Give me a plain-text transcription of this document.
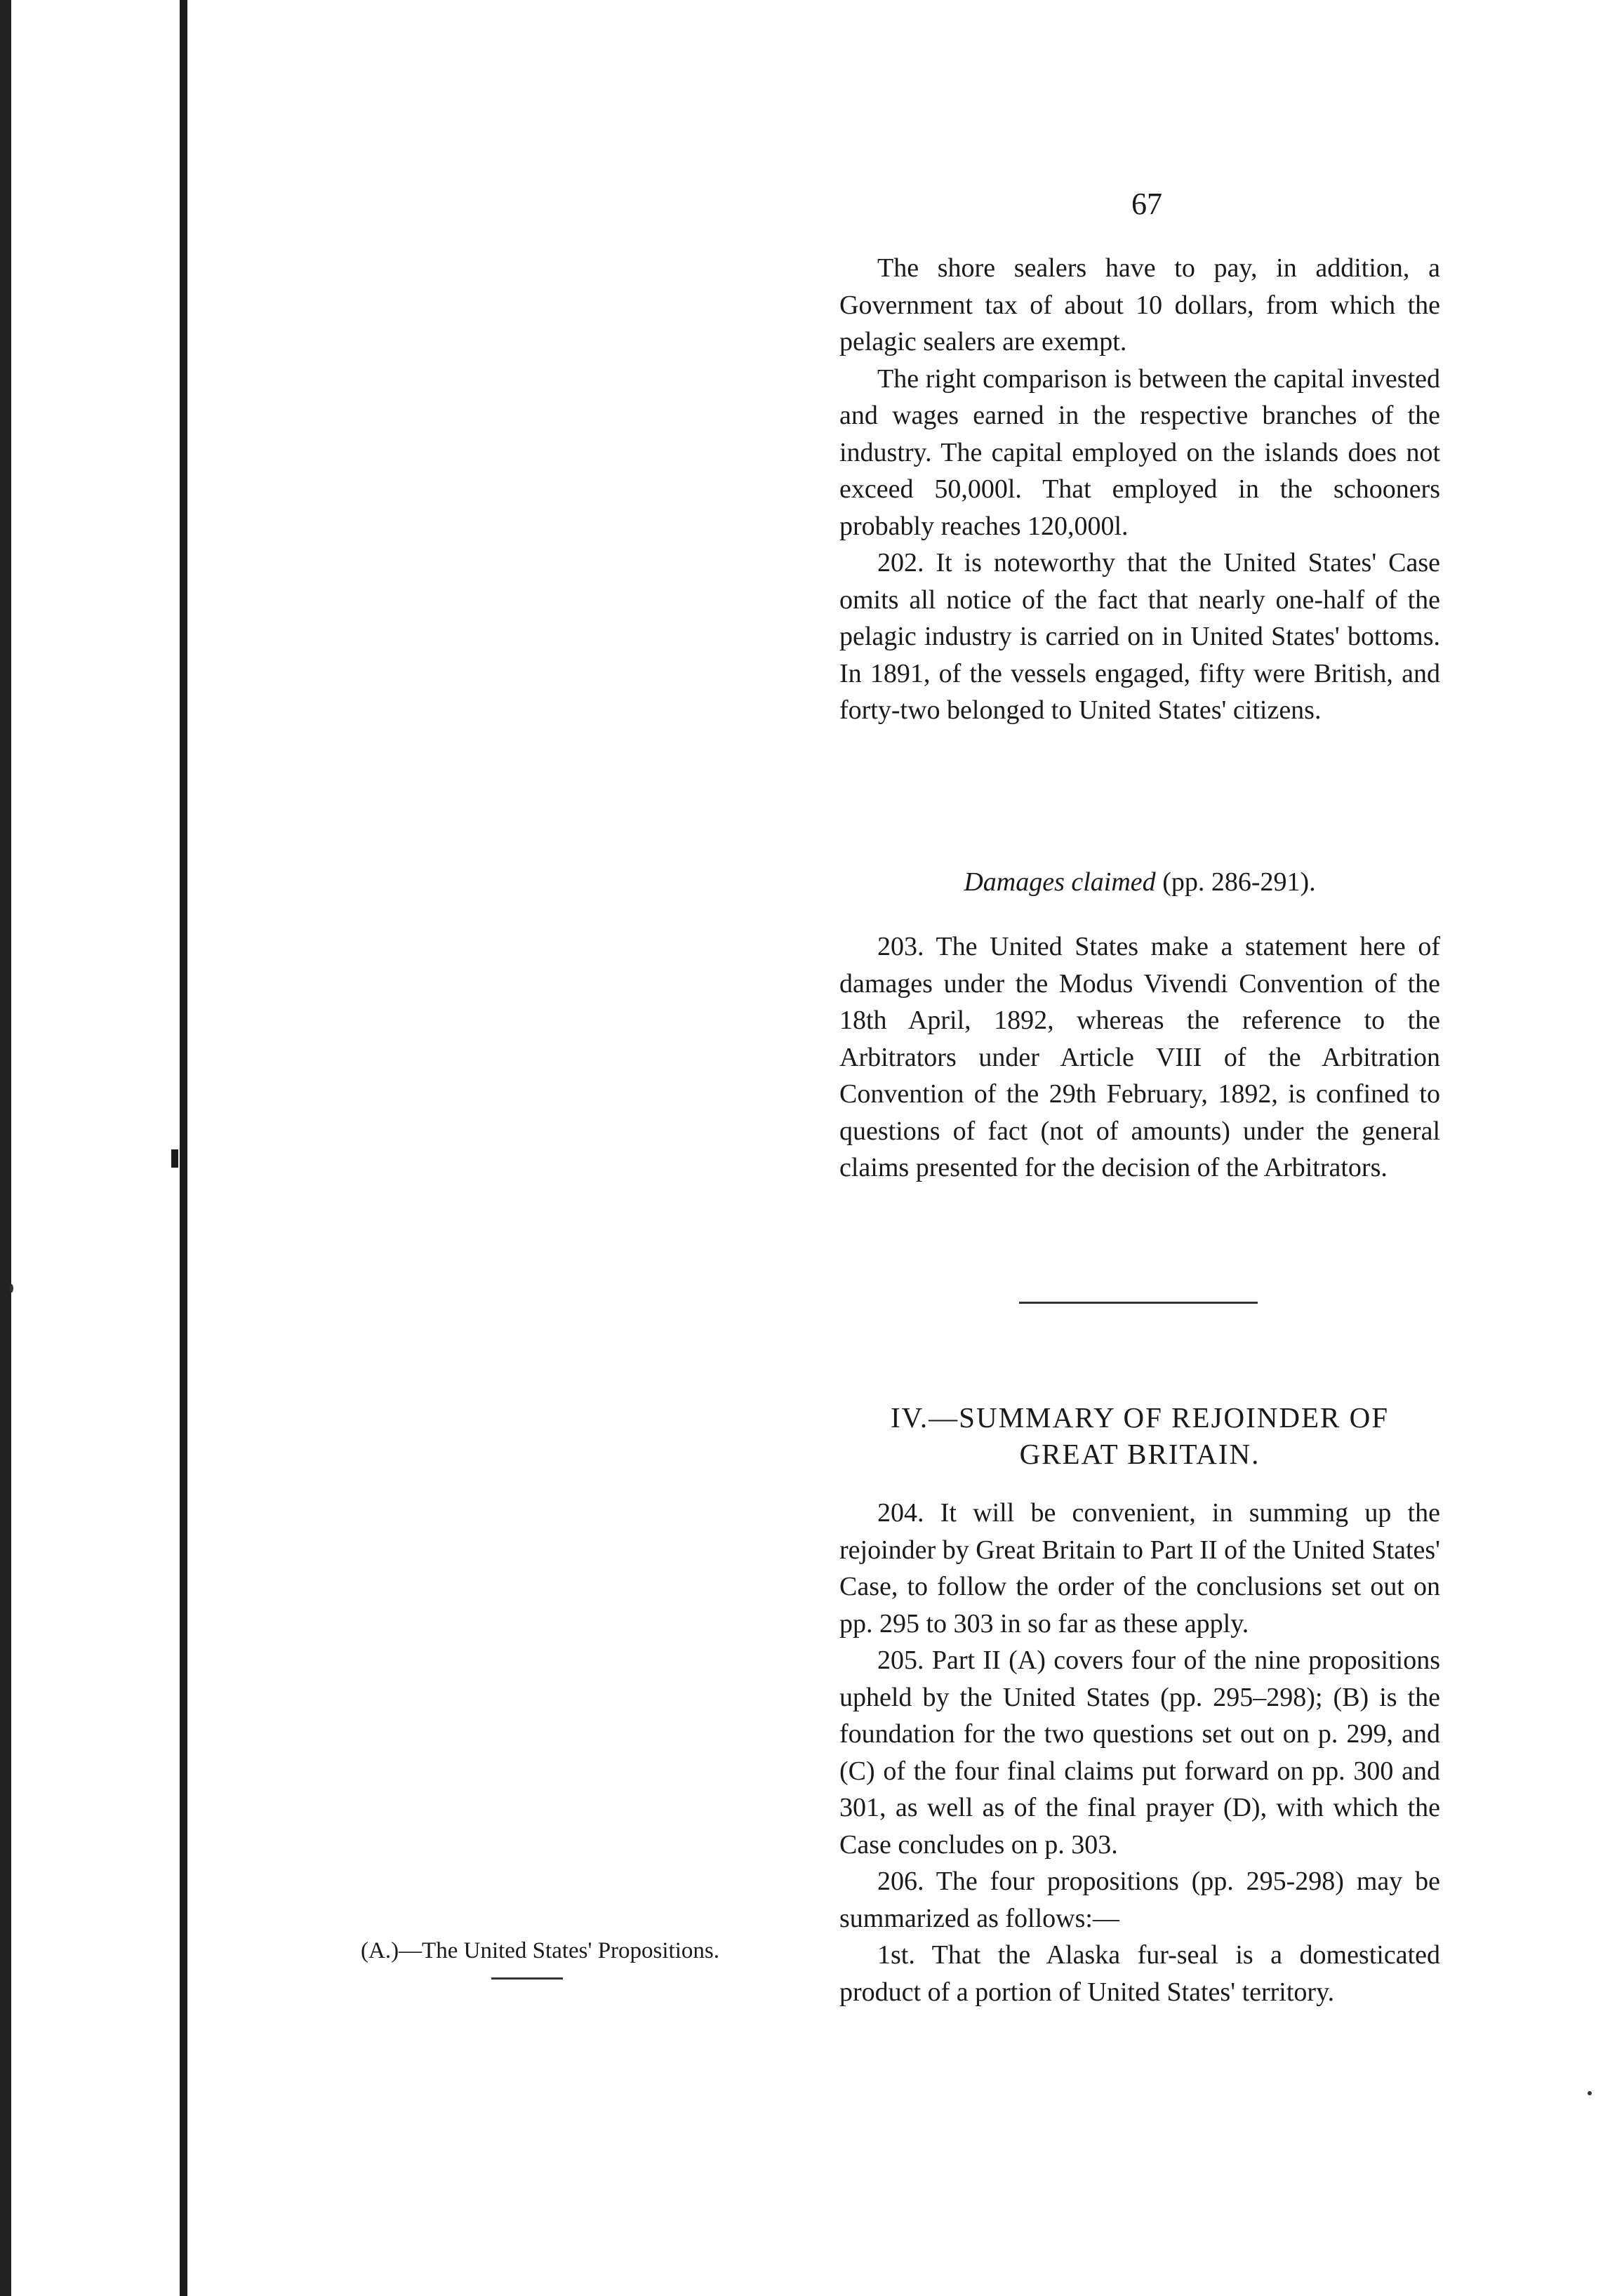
67

The shore sealers have to pay, in addition, a Government tax of about 10 dollars, from which the pelagic sealers are exempt.

The right comparison is between the capital invested and wages earned in the respective branches of the industry. The capital employed on the islands does not exceed 50,000l. That employed in the schooners probably reaches 120,000l.

202. It is noteworthy that the United States' Case omits all notice of the fact that nearly one-half of the pelagic industry is carried on in United States' bottoms. In 1891, of the vessels engaged, fifty were British, and forty-two belonged to United States' citizens.

Damages claimed (pp. 286-291).

203. The United States make a statement here of damages under the Modus Vivendi Convention of the 18th April, 1892, whereas the reference to the Arbitrators under Article VIII of the Arbitration Convention of the 29th February, 1892, is confined to questions of fact (not of amounts) under the general claims presented for the decision of the Arbitrators.

IV.—SUMMARY OF REJOINDER OF

GREAT BRITAIN.

204. It will be convenient, in summing up the rejoinder by Great Britain to Part II of the United States' Case, to follow the order of the conclusions set out on pp. 295 to 303 in so far as these apply.

205. Part II (A) covers four of the nine propositions upheld by the United States (pp. 295–298); (B) is the foundation for the two questions set out on p. 299, and (C) of the four final claims put forward on pp. 300 and 301, as well as of the final prayer (D), with which the Case concludes on p. 303.

206. The four propositions (pp. 295-298) may be summarized as follows:—

1st. That the Alaska fur-seal is a domesticated product of a portion of United States' territory.

(A.)—The United States' Propositions.
